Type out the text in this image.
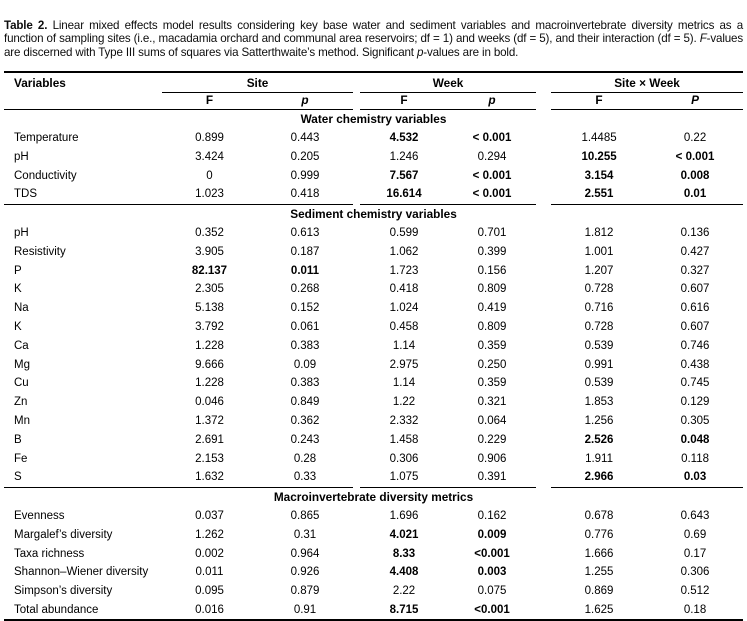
Table 2. Linear mixed effects model results considering key base water and sediment variables and macroinvertebrate diversity metrics as a function of sampling sites (i.e., macadamia orchard and communal area reservoirs; df = 1) and weeks (df = 5), and their interaction (df = 5). F-values are discerned with Type III sums of squares via Satterthwaite’s method. Significant p-values are in bold.

Variables	Site			Week			Site × Week	
	F	p		F	p		F	P
Water chemistry variables								
Temperature	0.899	0.443		4.532	< 0.001		1.4485	0.22
pH	3.424	0.205		1.246	0.294		10.255	< 0.001
Conductivity	0	0.999		7.567	< 0.001		3.154	0.008
TDS	1.023	0.418		16.614	< 0.001		2.551	0.01
Sediment chemistry variables								
pH	0.352	0.613		0.599	0.701		1.812	0.136
Resistivity	3.905	0.187		1.062	0.399		1.001	0.427
P	82.137	0.011		1.723	0.156		1.207	0.327
K	2.305	0.268		0.418	0.809		0.728	0.607
Na	5.138	0.152		1.024	0.419		0.716	0.616
K	3.792	0.061		0.458	0.809		0.728	0.607
Ca	1.228	0.383		1.14	0.359		0.539	0.746
Mg	9.666	0.09		2.975	0.250		0.991	0.438
Cu	1.228	0.383		1.14	0.359		0.539	0.745
Zn	0.046	0.849		1.22	0.321		1.853	0.129
Mn	1.372	0.362		2.332	0.064		1.256	0.305
B	2.691	0.243		1.458	0.229		2.526	0.048
Fe	2.153	0.28		0.306	0.906		1.911	0.118
S	1.632	0.33		1.075	0.391		2.966	0.03
Macroinvertebrate diversity metrics								
Evenness	0.037	0.865		1.696	0.162		0.678	0.643
Margalef’s diversity	1.262	0.31		4.021	0.009		0.776	0.69
Taxa richness	0.002	0.964		8.33	<0.001		1.666	0.17
Shannon–Wiener diversity	0.011	0.926		4.408	0.003		1.255	0.306
Simpson’s diversity	0.095	0.879		2.22	0.075		0.869	0.512
Total abundance	0.016	0.91		8.715	<0.001		1.625	0.18
